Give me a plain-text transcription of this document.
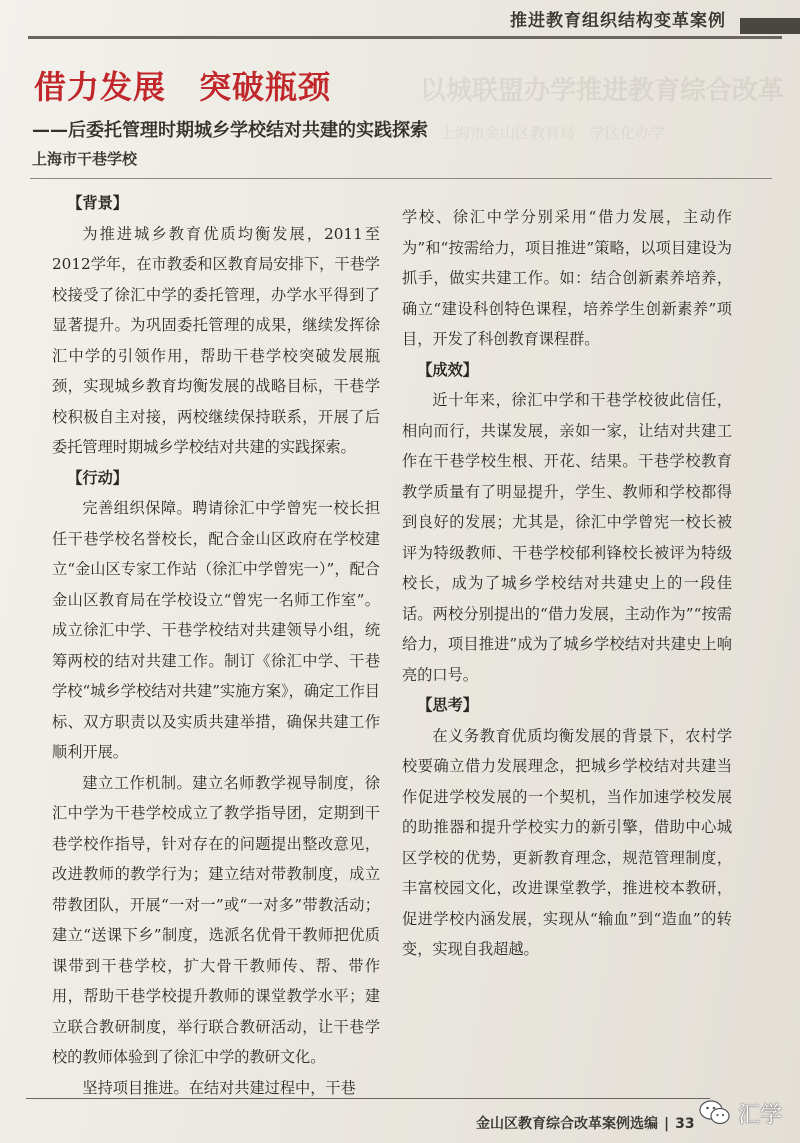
以城联盟办学推进教育综合改革
上海市金山区教育局　学区化办学
推进教育组织结构变革案例
借力发展　突破瓶颈
——后委托管理时期城乡学校结对共建的实践探索
上海市干巷学校
【背景】

为推进城乡教育优质均衡发展，2011至2012学年，在市教委和区教育局安排下，干巷学校接受了徐汇中学的委托管理，办学水平得到了显著提升。为巩固委托管理的成果，继续发挥徐汇中学的引领作用，帮助干巷学校突破发展瓶颈，实现城乡教育均衡发展的战略目标，干巷学校积极自主对接，两校继续保持联系，开展了后委托管理时期城乡学校结对共建的实践探索。

【行动】

完善组织保障。聘请徐汇中学曾宪一校长担任干巷学校名誉校长，配合金山区政府在学校建立“金山区专家工作站（徐汇中学曾宪一）”，配合金山区教育局在学校设立“曾宪一名师工作室”。成立徐汇中学、干巷学校结对共建领导小组，统筹两校的结对共建工作。制订《徐汇中学、干巷学校“城乡学校结对共建”实施方案》，确定工作目标、双方职责以及实质共建举措，确保共建工作顺利开展。

建立工作机制。建立名师教学视导制度，徐汇中学为干巷学校成立了教学指导团，定期到干巷学校作指导，针对存在的问题提出整改意见，改进教师的教学行为；建立结对带教制度，成立带教团队，开展“一对一”或“一对多”带教活动；建立“送课下乡”制度，选派名优骨干教师把优质课带到干巷学校，扩大骨干教师传、帮、带作用，帮助干巷学校提升教师的课堂教学水平；建立联合教研制度，举行联合教研活动，让干巷学校的教师体验到了徐汇中学的教研文化。

坚持项目推进。在结对共建过程中，干巷

学校、徐汇中学分别采用“借力发展，主动作为”和“按需给力，项目推进”策略，以项目建设为抓手，做实共建工作。如：结合创新素养培养，确立“建设科创特色课程，培养学生创新素养”项目，开发了科创教育课程群。

【成效】

近十年来，徐汇中学和干巷学校彼此信任，相向而行，共谋发展，亲如一家，让结对共建工作在干巷学校生根、开花、结果。干巷学校教育教学质量有了明显提升，学生、教师和学校都得到良好的发展；尤其是，徐汇中学曾宪一校长被评为特级教师、干巷学校郁利锋校长被评为特级校长，成为了城乡学校结对共建史上的一段佳话。两校分别提出的“借力发展，主动作为”“按需给力，项目推进”成为了城乡学校结对共建史上响亮的口号。

【思考】

在义务教育优质均衡发展的背景下，农村学校要确立借力发展理念，把城乡学校结对共建当作促进学校发展的一个契机，当作加速学校发展的助推器和提升学校实力的新引擎，借助中心城区学校的优势，更新教育理念，规范管理制度，丰富校园文化，改进课堂教学，推进校本教研，促进学校内涵发展，实现从“输血”到“造血”的转变，实现自我超越。

金山区教育综合改革案例选编 | 33 汇学
